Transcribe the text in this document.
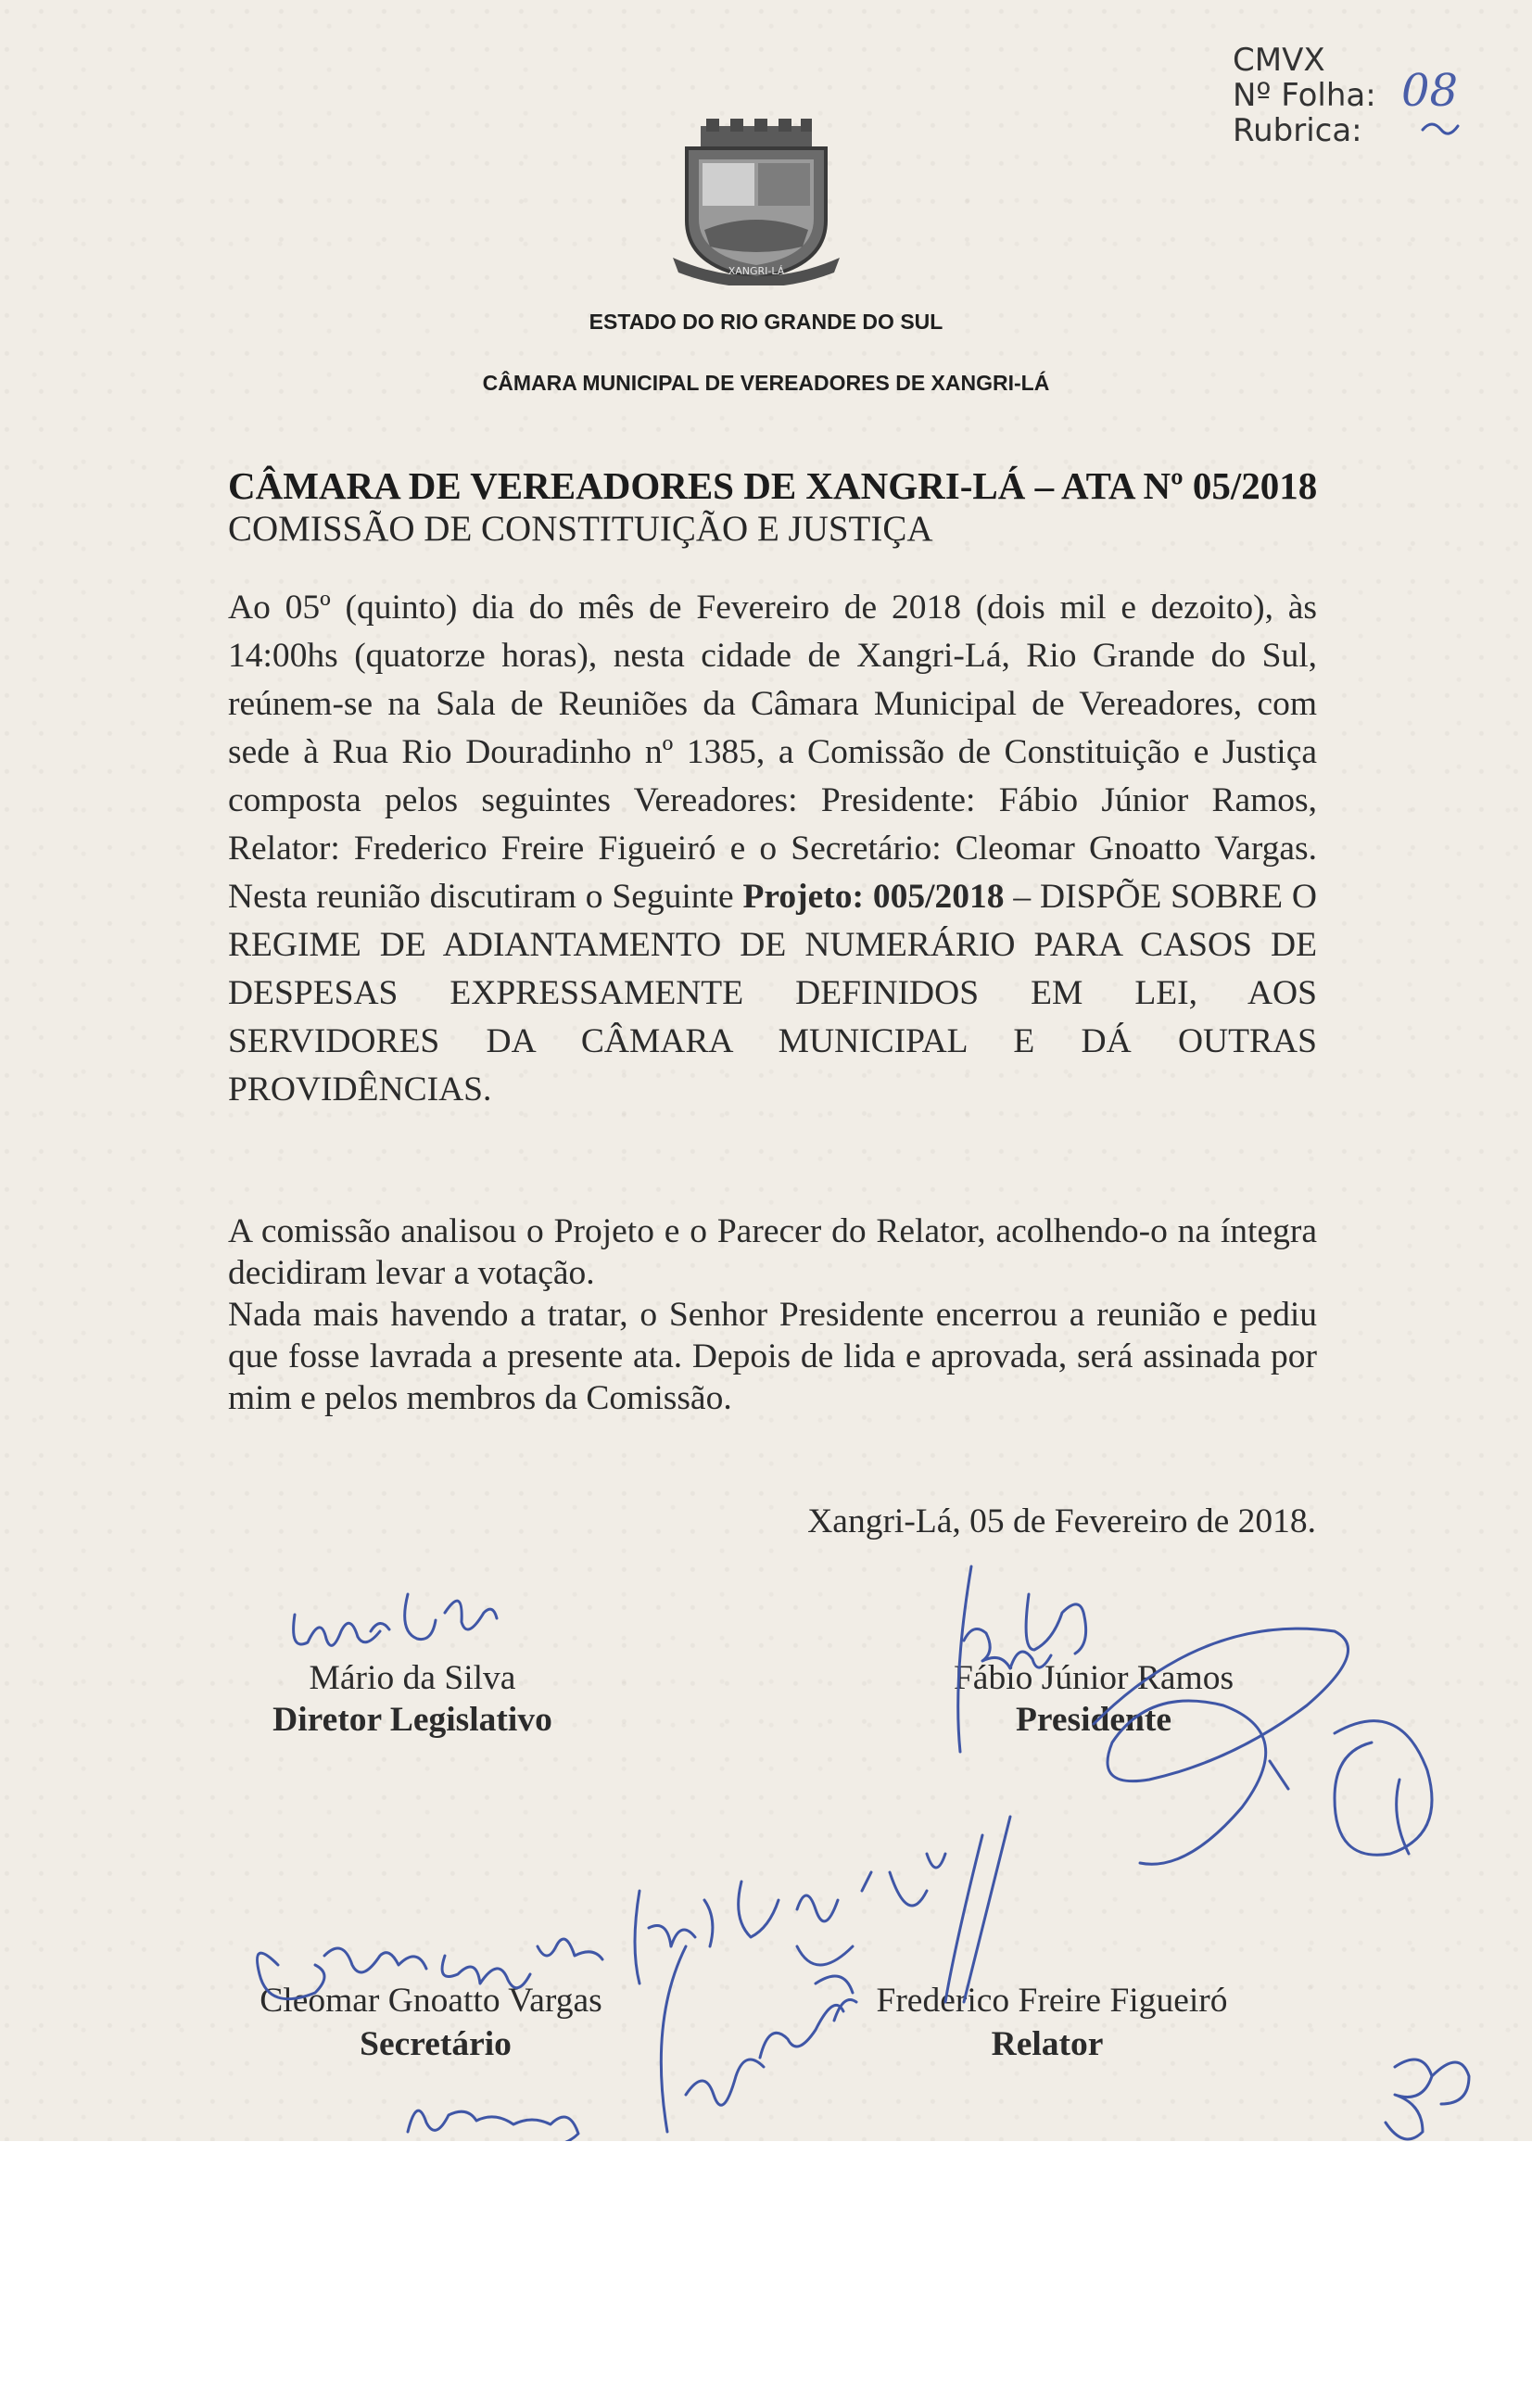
CMVX
Nº Folha:
Rubrica:
08
XANGRI-LÁ
ESTADO DO RIO GRANDE DO SUL
CÂMARA MUNICIPAL DE VEREADORES DE XANGRI-LÁ
CÂMARA DE VEREADORES DE XANGRI-LÁ – ATA Nº 05/2018
COMISSÃO DE CONSTITUIÇÃO E JUSTIÇA
Ao 05º (quinto) dia do mês de Fevereiro de 2018 (dois mil e dezoito), às 14:00hs (quatorze horas), nesta cidade de Xangri-Lá, Rio Grande do Sul, reúnem-se na Sala de Reuniões da Câmara Municipal de Vereadores, com sede à Rua Rio Douradinho nº 1385, a Comissão de Constituição e Justiça composta pelos seguintes Vereadores: Presidente: Fábio Júnior Ramos, Relator: Frederico Freire Figueiró e o Secretário: Cleomar Gnoatto Vargas. Nesta reunião discutiram o Seguinte Projeto: 005/2018 – DISPÕE SOBRE O REGIME DE ADIANTAMENTO DE NUMERÁRIO PARA CASOS DE DESPESAS EXPRESSAMENTE DEFINIDOS EM LEI, AOS SERVIDORES DA CÂMARA MUNICIPAL E DÁ OUTRAS PROVIDÊNCIAS.
A comissão analisou o Projeto e o Parecer do Relator, acolhendo-o na íntegra decidiram levar a votação.
Nada mais havendo a tratar, o Senhor Presidente encerrou a reunião e pediu que fosse lavrada a presente ata. Depois de lida e aprovada, será assinada por mim e pelos membros da Comissão.
Xangri-Lá, 05 de Fevereiro de 2018.
Mário da Silva
Diretor Legislativo
Fábio Júnior Ramos
Presidente
Cleomar Gnoatto Vargas
Secretário
Frederico Freire Figueiró
Relator
